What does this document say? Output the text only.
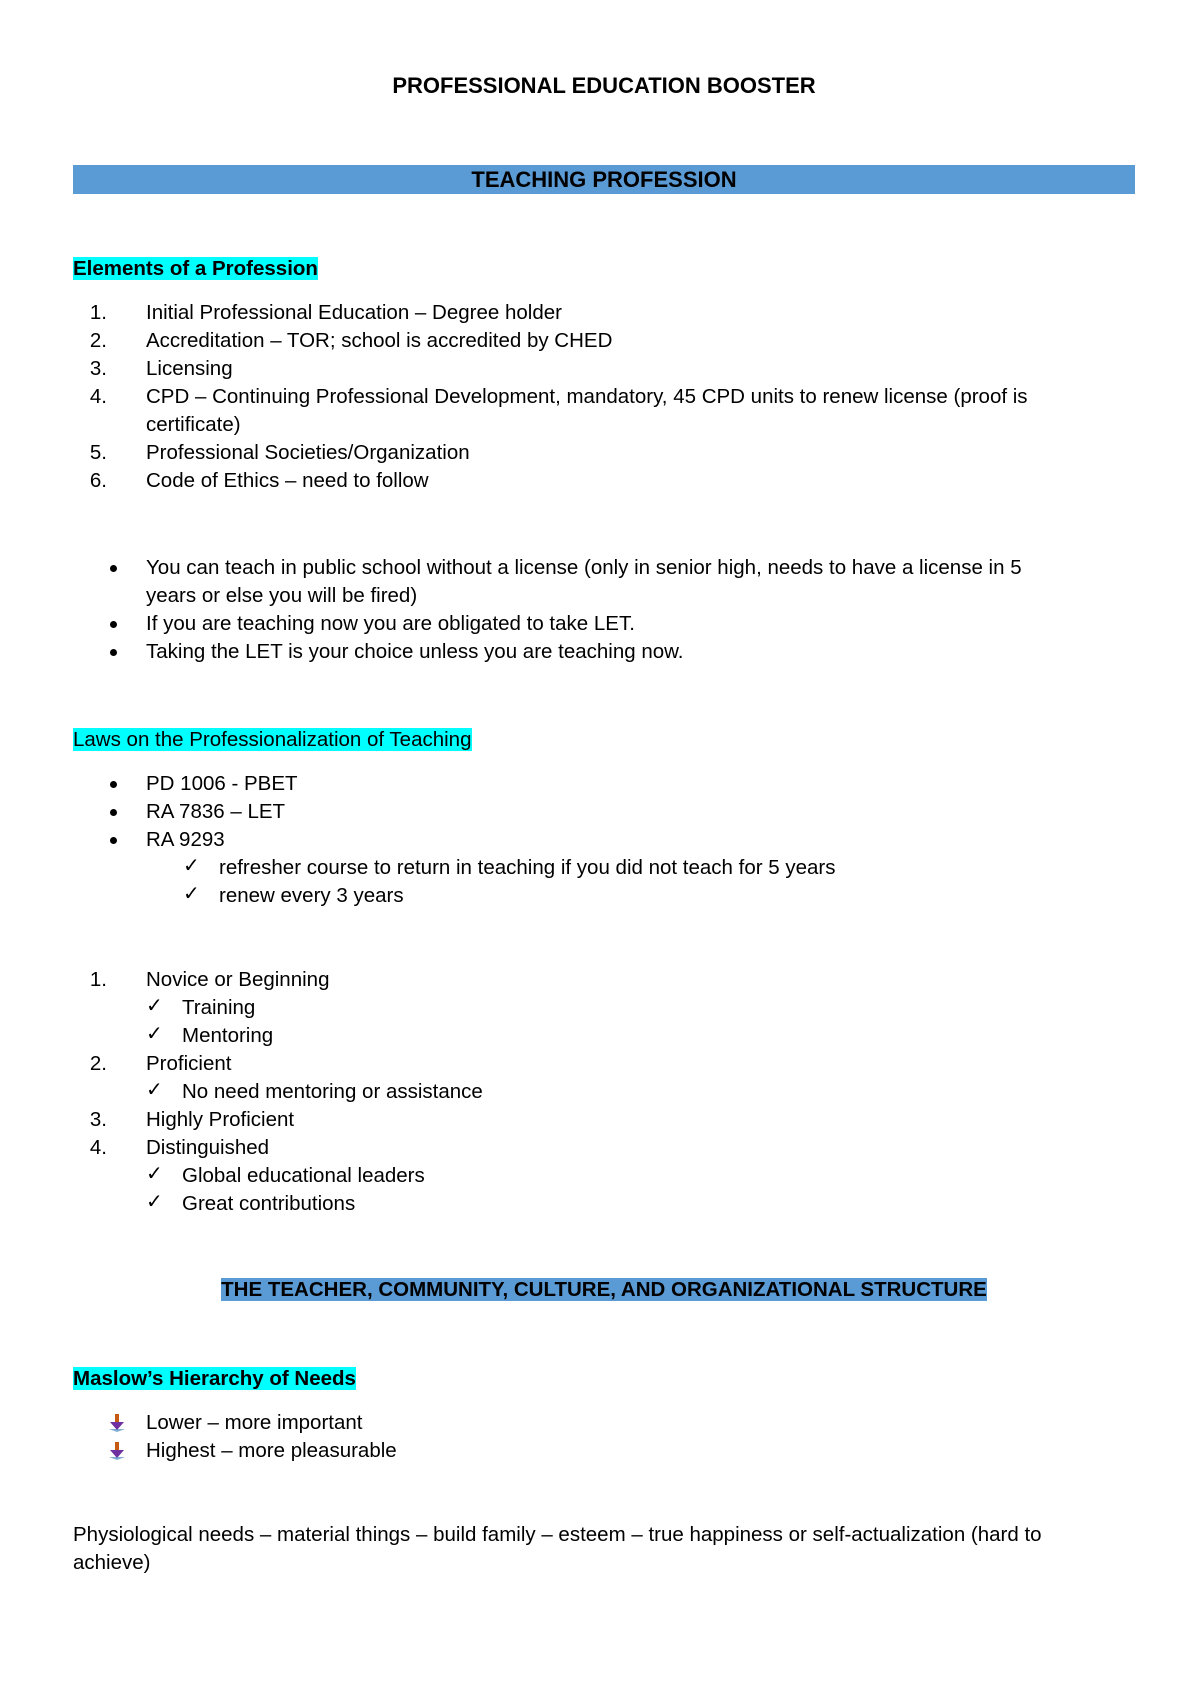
PROFESSIONAL EDUCATION BOOSTER
TEACHING PROFESSION
Elements of a Profession
1. Initial Professional Education – Degree holder
2. Accreditation – TOR; school is accredited by CHED
3. Licensing
4. CPD – Continuing Professional Development, mandatory, 45 CPD units to renew license (proof is
certificate)
5. Professional Societies/Organization
6. Code of Ethics – need to follow
You can teach in public school without a license (only in senior high, needs to have a license in 5
years or else you will be fired)
If you are teaching now you are obligated to take LET.
Taking the LET is your choice unless you are teaching now.
Laws on the Professionalization of Teaching
PD 1006 - PBET
RA 7836 – LET
RA 9293
✓ refresher course to return in teaching if you did not teach for 5 years
✓ renew every 3 years
1. Novice or Beginning
✓ Training
✓ Mentoring
2. Proficient
✓ No need mentoring or assistance
3. Highly Proficient
4. Distinguished
✓ Global educational leaders
✓ Great contributions
THE TEACHER, COMMUNITY, CULTURE, AND ORGANIZATIONAL STRUCTURE
Maslow’s Hierarchy of Needs
Lower – more important
Highest – more pleasurable
Physiological needs – material things – build family – esteem – true happiness or self-actualization (hard to
achieve)
